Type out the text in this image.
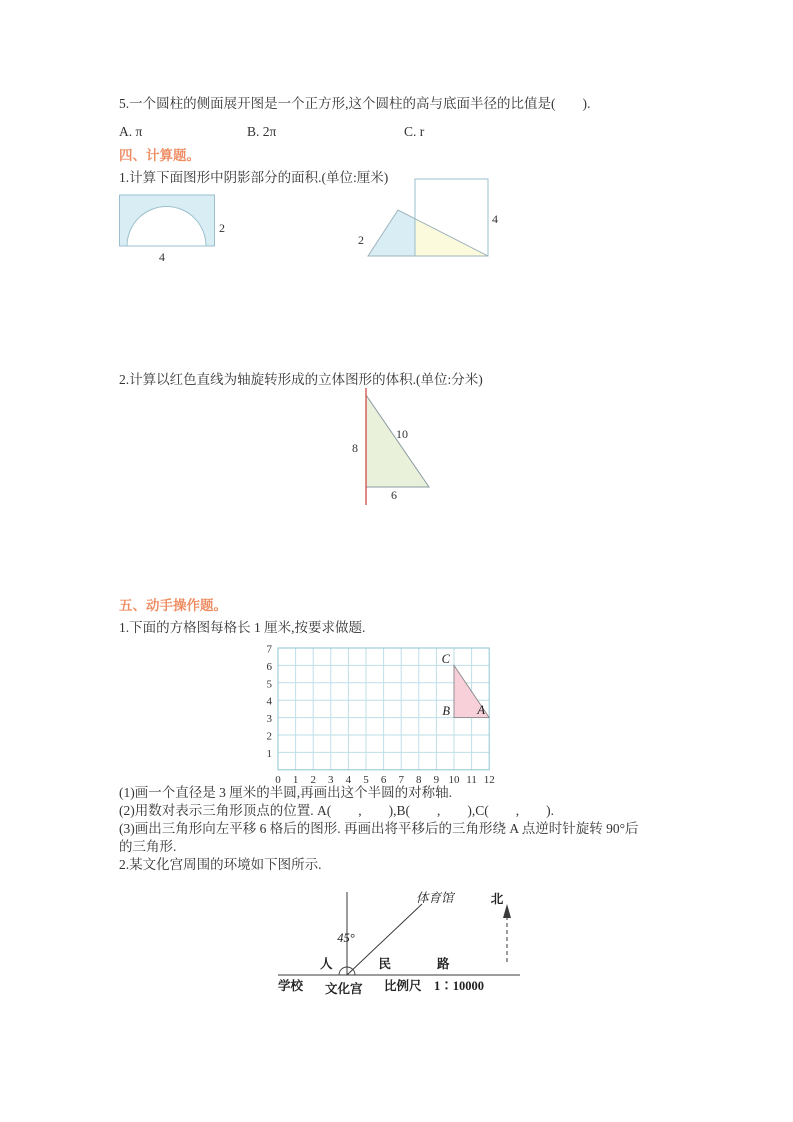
5.一个圆柱的侧面展开图是一个正方形,这个圆柱的高与底面半径的比值是(　　).
A. π	B. 2π	C. r
四、计算题。
1.计算下面图形中阴影部分的面积.(单位:厘米)
2
4
2
4
2.计算以红色直线为轴旋转形成的立体图形的体积.(单位:分米)
8
10
6
五、动手操作题。
1.下面的方格图每格长 1 厘米,按要求做题.
7
6
5
4
3
2
1
0 1 2 3 4 5 6 7 8 9 10 11 12
C
B A
(1)画一个直径是 3 厘米的半圆,再画出这个半圆的对称轴.
(2)用数对表示三角形顶点的位置. A(　　,　　),B(　　,　　),C(　　,　　).
(3)画出三角形向左平移 6 格后的图形. 再画出将平移后的三角形绕 A 点逆时针旋转 90°后
的三角形.
2.某文化宫周围的环境如下图所示.
45°
体育馆	北
人民路
学校 文化宫 比例尺　1∶10000
